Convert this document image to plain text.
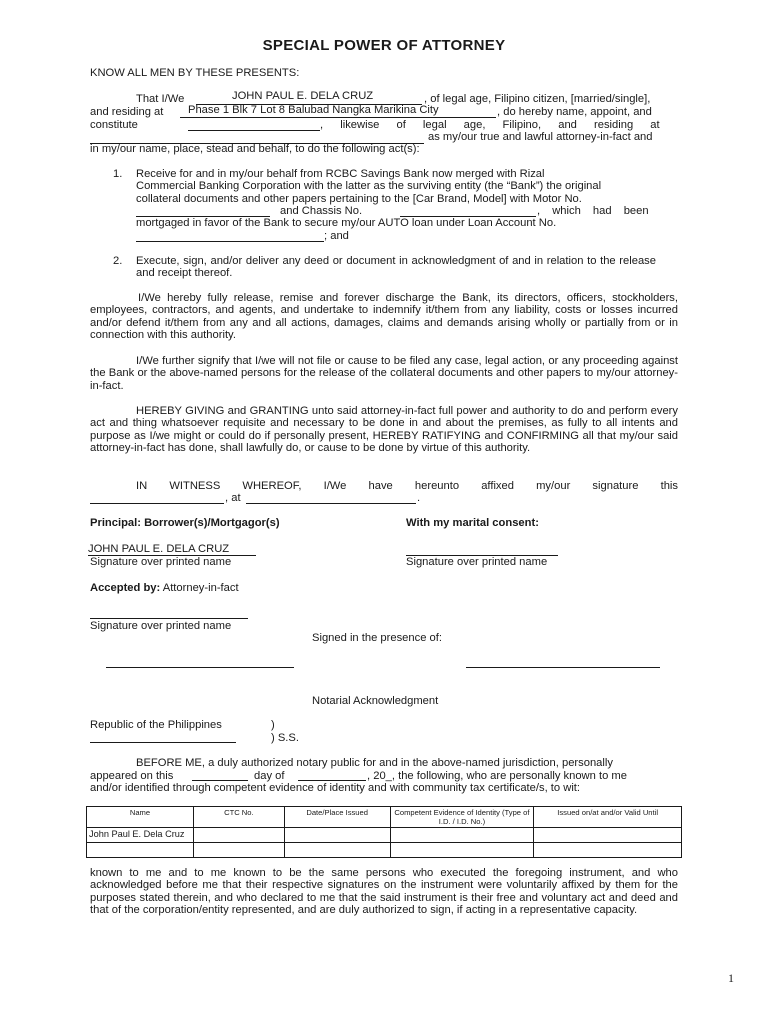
SPECIAL POWER OF ATTORNEY
KNOW ALL MEN BY THESE PRESENTS:
That I/We	JOHN PAUL E. DELA CRUZ	, of legal age, Filipino citizen, [married/single],
and residing at Phase 1 Blk 7 Lot 8 Balubad Nangka Marikina City	, do hereby name, appoint, and
constitute	, likewise of legal age, Filipino, and residing at
as my/our true and lawful attorney-in-fact and
in my/our name, place, stead and behalf, to do the following act(s):
1. Receive for and in my/our behalf from RCBC Savings Bank now merged with Rizal
Commercial Banking Corporation with the latter as the surviving entity (the “Bank”) the original
collateral documents and other papers pertaining to the [Car Brand, Model] with Motor No.
and Chassis No.	, which had been
mortgaged in favor of the Bank to secure my/our AUTO loan under Loan Account No.
; and
2. Execute, sign, and/or deliver any deed or document in acknowledgment of and in relation to the release and receipt thereof.
I/We hereby fully release, remise and forever discharge the Bank, its directors, officers, stockholders, employees, contractors, and agents, and undertake to indemnify it/them from any liability, costs or losses incurred and/or defend it/them from any and all actions, damages, claims and demands arising wholly or partially from or in connection with this authority.
I/We further signify that I/we will not file or cause to be filed any case, legal action, or any proceeding against the Bank or the above-named persons for the release of the collateral documents and other papers to my/our attorney-in-fact.
HEREBY GIVING and GRANTING unto said attorney-in-fact full power and authority to do and perform every act and thing whatsoever requisite and necessary to be done in and about the premises, as fully to all intents and purpose as I/we might or could do if personally present, HEREBY RATIFYING and CONFIRMING all that my/our said attorney-in-fact has done, shall lawfully do, or cause to be done by virtue of this authority.
IN WITNESS WHEREOF, I/We have hereunto affixed my/our signature this
, at	.
Principal: Borrower(s)/Mortgagor(s)	With my marital consent:
JOHN PAUL E. DELA CRUZ
Signature over printed name	Signature over printed name
Accepted by: Attorney-in-fact
Signature over printed name
Signed in the presence of:
Notarial Acknowledgment
Republic of the Philippines	)
) S.S.
BEFORE ME, a duly authorized notary public for and in the above-named jurisdiction, personally
appeared on this	day of	, 20_, the following, who are personally known to me
and/or identified through competent evidence of identity and with community tax certificate/s, to wit:
Name	CTC No.	Date/Place Issued	Competent Evidence of Identity (Type of I.D. / I.D. No.)	Issued on/at and/or Valid Until
John Paul E. Dela Cruz				

known to me and to me known to be the same persons who executed the foregoing instrument, and who acknowledged before me that their respective signatures on the instrument were voluntarily affixed by them for the purposes stated therein, and who declared to me that the said instrument is their free and voluntary act and deed and that of the corporation/entity represented, and are duly authorized to sign, if acting in a representative capacity.
1
